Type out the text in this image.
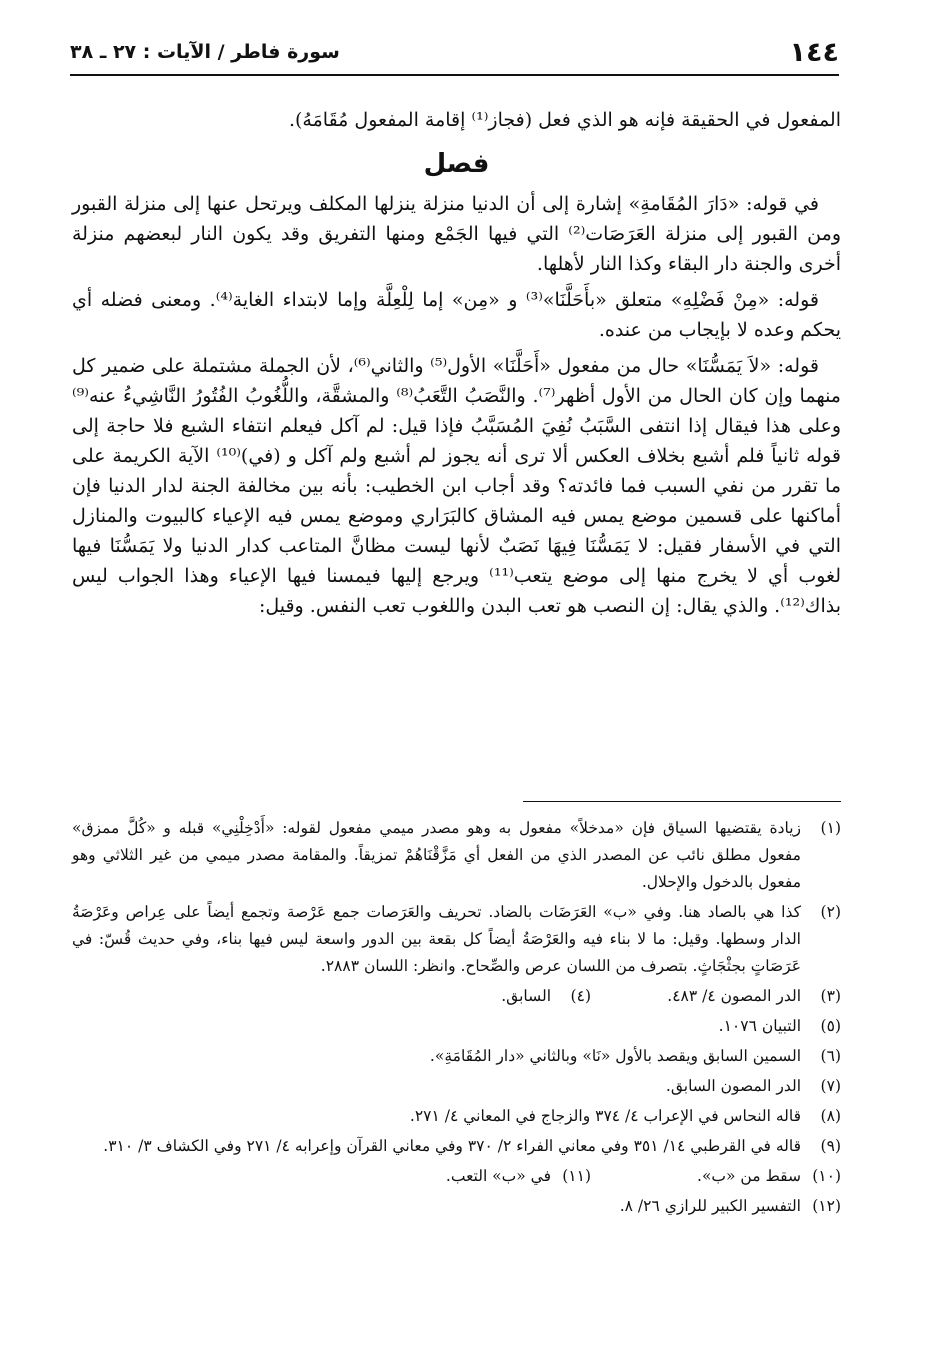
١٤٤
سورة فاطر / الآيات : ٢٧ ـ ٣٨

المفعول في الحقيقة فإنه هو الذي فعل (فجاز⁽¹⁾ إقامة المفعول مُقَامَهُ).

فصل

في قوله: «دَارَ المُقَامةِ» إشارة إلى أن الدنيا منزلة ينزلها المكلف ويرتحل عنها إلى منزلة القبور ومن القبور إلى منزلة العَرَصَات⁽²⁾ التي فيها الجَمْع ومنها التفريق وقد يكون النار لبعضهم منزلة أخرى والجنة دار البقاء وكذا النار لأهلها.

قوله: «مِنْ فَضْلِهِ» متعلق «بأَحَلَّنَا»⁽³⁾ و «مِن» إما لِلْعِلَّة وإما لابتداء الغاية⁽⁴⁾. ومعنى فضله أي يحكم وعده لا بإيجاب من عنده.

قوله: «لاَ يَمَسُّنَا» حال من مفعول «أَحَلَّنَا» الأول⁽⁵⁾ والثاني⁽⁶⁾، لأن الجملة مشتملة على ضمير كل منهما وإن كان الحال من الأول أظهر⁽⁷⁾. والنَّصَبُ التَّعَبُ⁽⁸⁾ والمشقَّة، واللُّغُوبُ الفُتُورُ النَّاشِيءُ عنه⁽⁹⁾ وعلى هذا فيقال إذا انتفى السَّبَبُ نُفِيَ المُسَبَّبُ فإذا قيل: لم آكل فيعلم انتفاء الشبع فلا حاجة إلى قوله ثانياً فلم أشبع بخلاف العكس ألا ترى أنه يجوز لم أشبع ولم آكل و (في)⁽¹⁰⁾ الآية الكريمة على ما تقرر من نفي السبب فما فائدته؟ وقد أجاب ابن الخطيب: بأنه بين مخالفة الجنة لدار الدنيا فإن أماكنها على قسمين موضع يمس فيه المشاق كالبَرَاري وموضع يمس فيه الإعياء كالبيوت والمنازل التي في الأسفار فقيل: لا يَمَسُّنَا فِيهَا نَصَبٌ لأنها ليست مظانَّ المتاعب كدار الدنيا ولا يَمَسُّنَا فيها لغوب أي لا يخرج منها إلى موضع يتعب⁽¹¹⁾ ويرجع إليها فيمسنا فيها الإعياء وهذا الجواب ليس بذاك⁽¹²⁾. والذي يقال: إن النصب هو تعب البدن واللغوب تعب النفس. وقيل:

(١)
زيادة يقتضيها السياق فإن «مدخلاً» مفعول به وهو مصدر ميمي مفعول لقوله: «أَدْخِلْنِي» قبله و «كُلَّ ممزق» مفعول مطلق نائب عن المصدر الذي من الفعل أي مَزَّقْنَاهُمْ تمزيقاً. والمقامة مصدر ميمي من غير الثلاثي وهو مفعول بالدخول والإحلال.
(٢)
كذا هي بالصاد هنا. وفي «ب» العَرَضَات بالضاد. تحريف والعَرَصات جمع عَرْصة وتجمع أيضاً على عِراص وعَرْصَةُ الدار وسطها. وقيل: ما لا بناء فيه والعَرْصَةُ أيضاً كل بقعة بين الدور واسعة ليس فيها بناء، وفي حديث قُسّ: في عَرَصَاتٍ بجثْجَاثٍ. بتصرف من اللسان عرص والصِّحاح. وانظر: اللسان ٢٨٨٣.
(٣)
الدر المصون ٤/ ٤٨٣.
(٤)
السابق.
(٥)
التبيان ١٠٧٦.
(٦)
السمين السابق ويقصد بالأول «نَا» وبالثاني «دار المُقَامَةِ».
(٧)
الدر المصون السابق.
(٨)
قاله النحاس في الإعراب ٤/ ٣٧٤ والزجاج في المعاني ٤/ ٢٧١.
(٩)
قاله في القرطبي ١٤/ ٣٥١ وفي معاني الفراء ٢/ ٣٧٠ وفي معاني القرآن وإعرابه ٤/ ٢٧١ وفي الكشاف ٣/ ٣١٠.
(١٠)
سقط من «ب».
(١١)
في «ب» التعب.
(١٢)
التفسير الكبير للرازي ٢٦/ ٨.
